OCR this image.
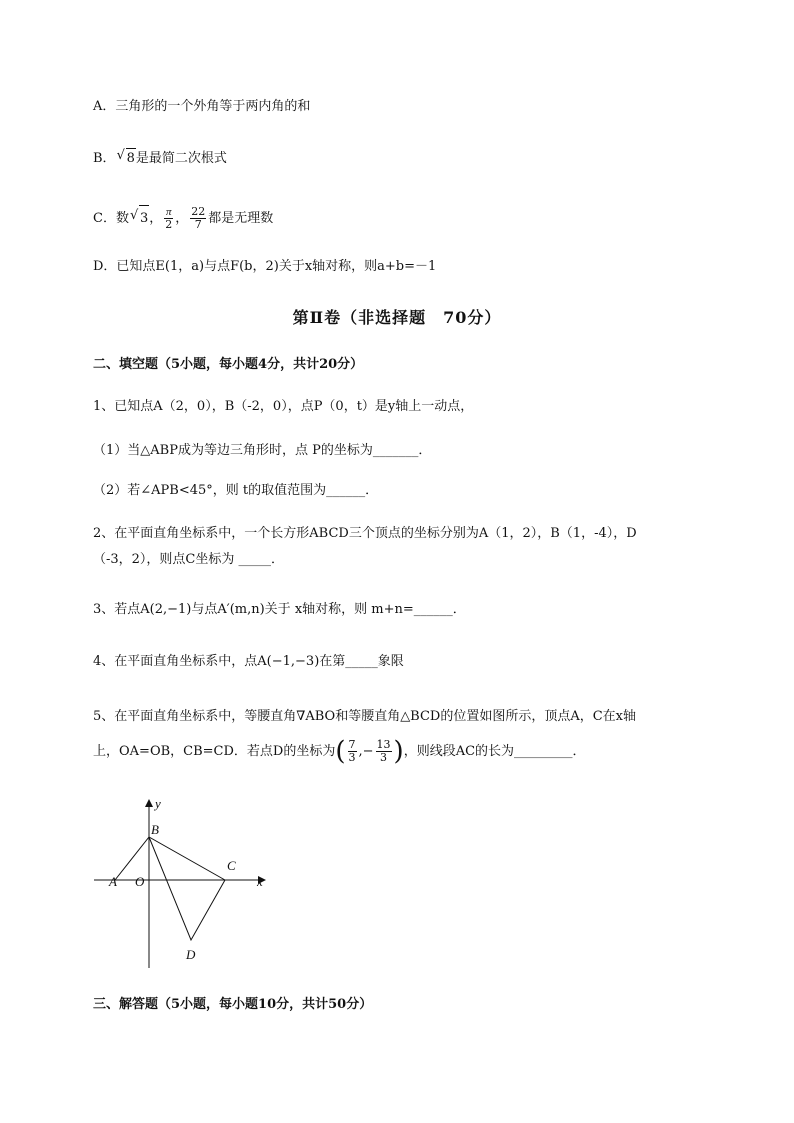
A．三角形的一个外角等于两内角的和
B． √ 8是最简二次根式
C．数 √ 3， $\frac{\pi}{2}$ ， $\frac{22}{7}$ 都是无理数
D．已知点E(1，a)与点F(b，2)关于x轴对称，则a+b=－1
第Ⅱ卷（非选择题　70分）
二、填空题（5小题，每小题4分，共计20分）
1、已知点A（2，0），B（-2，0），点P（0，t）是y轴上一动点，
（1）当△ABP成为等边三角形时，点 P的坐标为_______．
（2）若∠APB<45°，则 t的取值范围为______．
2、在平面直角坐标系中，一个长方形ABCD三个顶点的坐标分别为A（1，2），B（1，-4），D
（-3，2），则点C坐标为 _____．
3、若点A(2,−1)与点A′(m,n)关于 x轴对称，则 m+n=______．
4、在平面直角坐标系中，点A(−1,−3)在第_____象限
5、在平面直角坐标系中，等腰直角∇ABO和等腰直角△BCD的位置如图所示，顶点A，C在x轴
上，OA=OB，CB=CD．若点D的坐标为( $\frac{7}{3}$ ,− $\frac{13}{3}$ )，则线段AC的长为_________．
y
B
C
A O	x
D
三、解答题（5小题，每小题10分，共计50分）
